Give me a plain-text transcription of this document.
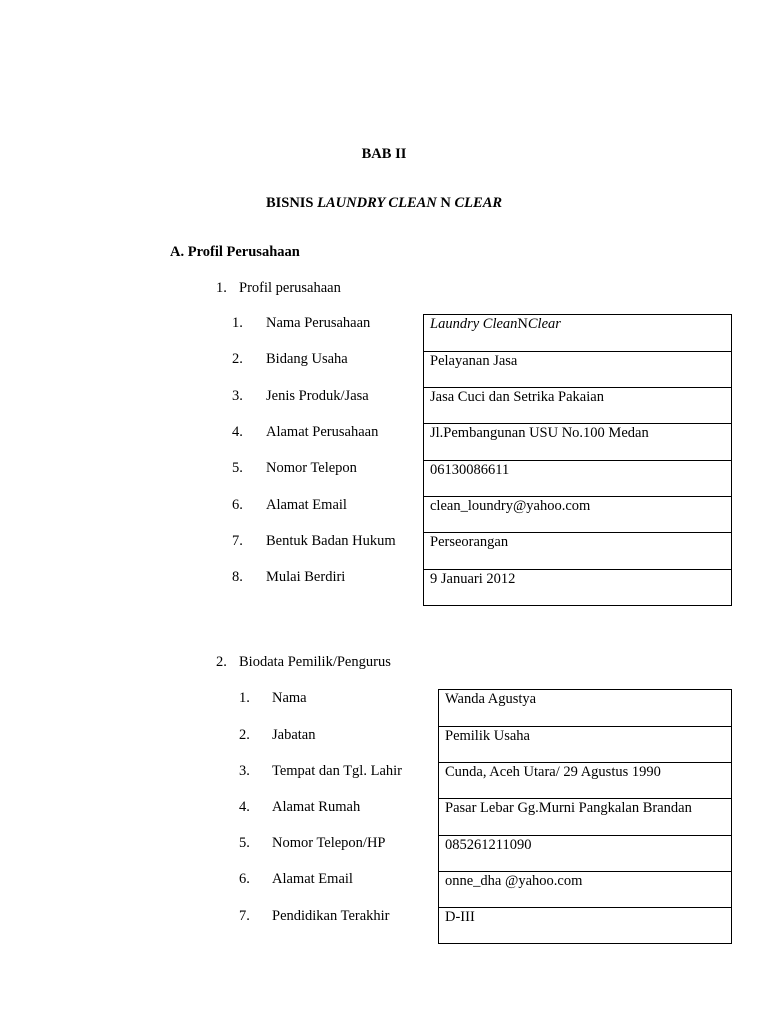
BAB II
BISNIS LAUNDRY CLEAN N CLEAR
A. Profil Perusahaan
1. Profil perusahaan
1. Nama Perusahaan
2. Bidang Usaha
3. Jenis Produk/Jasa
4. Alamat Perusahaan
5. Nomor Telepon
6. Alamat Email
7. Bentuk Badan Hukum
8. Mulai Berdiri
Laundry CleanNClear
Pelayanan Jasa
Jasa Cuci dan Setrika Pakaian
Jl.Pembangunan USU No.100 Medan
06130086611
clean_loundry@yahoo.com
Perseorangan
9 Januari 2012
2. Biodata Pemilik/Pengurus
1. Nama
2. Jabatan
3. Tempat dan Tgl. Lahir
4. Alamat Rumah
5. Nomor Telepon/HP
6. Alamat Email
7. Pendidikan Terakhir
Wanda Agustya
Pemilik Usaha
Cunda, Aceh Utara/ 29 Agustus 1990
Pasar Lebar Gg.Murni Pangkalan Brandan
085261211090
onne_dha @yahoo.com
D-III
